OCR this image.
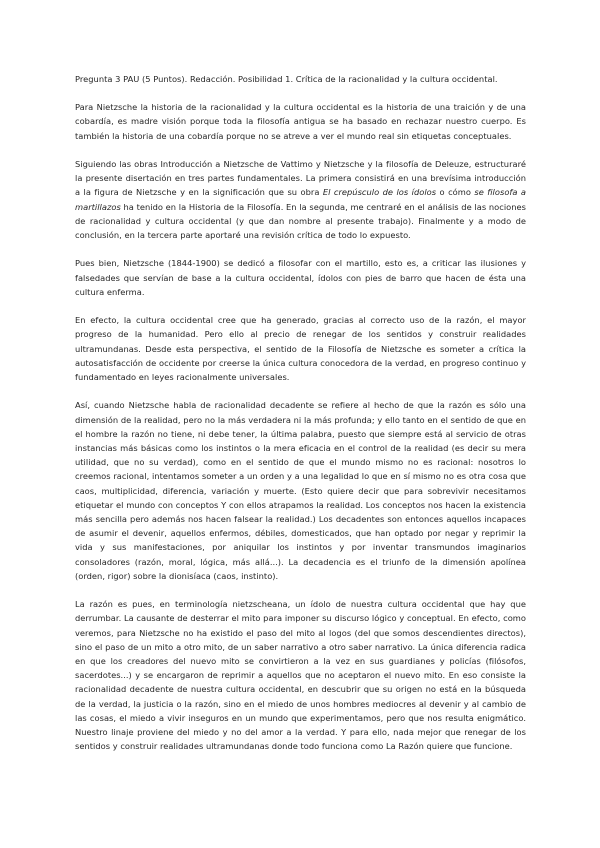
Pregunta 3 PAU (5 Puntos). Redacción. Posibilidad 1. Crítica de la racionalidad y la cultura occidental.

Para Nietzsche la historia de la racionalidad y la cultura occidental es la historia de una traición y de una cobardía, es madre visión porque toda la filosofía antigua se ha basado en rechazar nuestro cuerpo. Es también la historia de una cobardía porque no se atreve a ver el mundo real sin etiquetas conceptuales.

Siguiendo las obras Introducción a Nietzsche de Vattimo y Nietzsche y la filosofía de Deleuze, estructuraré la presente disertación en tres partes fundamentales. La primera consistirá en una brevísima introducción a la figura de Nietzsche y en la significación que su obra El crepúsculo de los ídolos o cómo se filosofa a martillazos ha tenido en la Historia de la Filosofía. En la segunda, me centraré en el análisis de las nociones de racionalidad y cultura occidental (y que dan nombre al presente trabajo). Finalmente y a modo de conclusión, en la tercera parte aportaré una revisión crítica de todo lo expuesto.

Pues bien, Nietzsche (1844-1900) se dedicó a filosofar con el martillo, esto es, a criticar las ilusiones y falsedades que servían de base a la cultura occidental, ídolos con pies de barro que hacen de ésta una cultura enferma.

En efecto, la cultura occidental cree que ha generado, gracias al correcto uso de la razón, el mayor progreso de la humanidad. Pero ello al precio de renegar de los sentidos y construir realidades ultramundanas. Desde esta perspectiva, el sentido de la Filosofía de Nietzsche es someter a crítica la autosatisfacción de occidente por creerse la única cultura conocedora de la verdad, en progreso continuo y fundamentado en leyes racionalmente universales.

Así, cuando Nietzsche habla de racionalidad decadente se refiere al hecho de que la razón es sólo una dimensión de la realidad, pero no la más verdadera ni la más profunda; y ello tanto en el sentido de que en el hombre la razón no tiene, ni debe tener, la última palabra, puesto que siempre está al servicio de otras instancias más básicas como los instintos o la mera eficacia en el control de la realidad (es decir su mera utilidad, que no su verdad), como en el sentido de que el mundo mismo no es racional: nosotros lo creemos racional, intentamos someter a un orden y a una legalidad lo que en sí mismo no es otra cosa que caos, multiplicidad, diferencia, variación y muerte. (Esto quiere decir que para sobrevivir necesitamos etiquetar el mundo con conceptos Y con ellos atrapamos la realidad. Los conceptos nos hacen la existencia más sencilla pero además nos hacen falsear la realidad.) Los decadentes son entonces aquellos incapaces de asumir el devenir, aquellos enfermos, débiles, domesticados, que han optado por negar y reprimir la vida y sus manifestaciones, por aniquilar los instintos y por inventar transmundos imaginarios consoladores (razón, moral, lógica, más allá...). La decadencia es el triunfo de la dimensión apolínea (orden, rigor) sobre la dionisíaca (caos, instinto).

La razón es pues, en terminología nietzscheana, un ídolo de nuestra cultura occidental que hay que derrumbar. La causante de desterrar el mito para imponer su discurso lógico y conceptual. En efecto, como veremos, para Nietzsche no ha existido el paso del mito al logos (del que somos descendientes directos), sino el paso de un mito a otro mito, de un saber narrativo a otro saber narrativo. La única diferencia radica en que los creadores del nuevo mito se convirtieron a la vez en sus guardianes y policías (filósofos, sacerdotes...) y se encargaron de reprimir a aquellos que no aceptaron el nuevo mito. En eso consiste la racionalidad decadente de nuestra cultura occidental, en descubrir que su origen no está en la búsqueda de la verdad, la justicia o la razón, sino en el miedo de unos hombres mediocres al devenir y al cambio de las cosas, el miedo a vivir inseguros en un mundo que experimentamos, pero que nos resulta enigmático. Nuestro linaje proviene del miedo y no del amor a la verdad. Y para ello, nada mejor que renegar de los sentidos y construir realidades ultramundanas donde todo funciona como La Razón quiere que funcione.
